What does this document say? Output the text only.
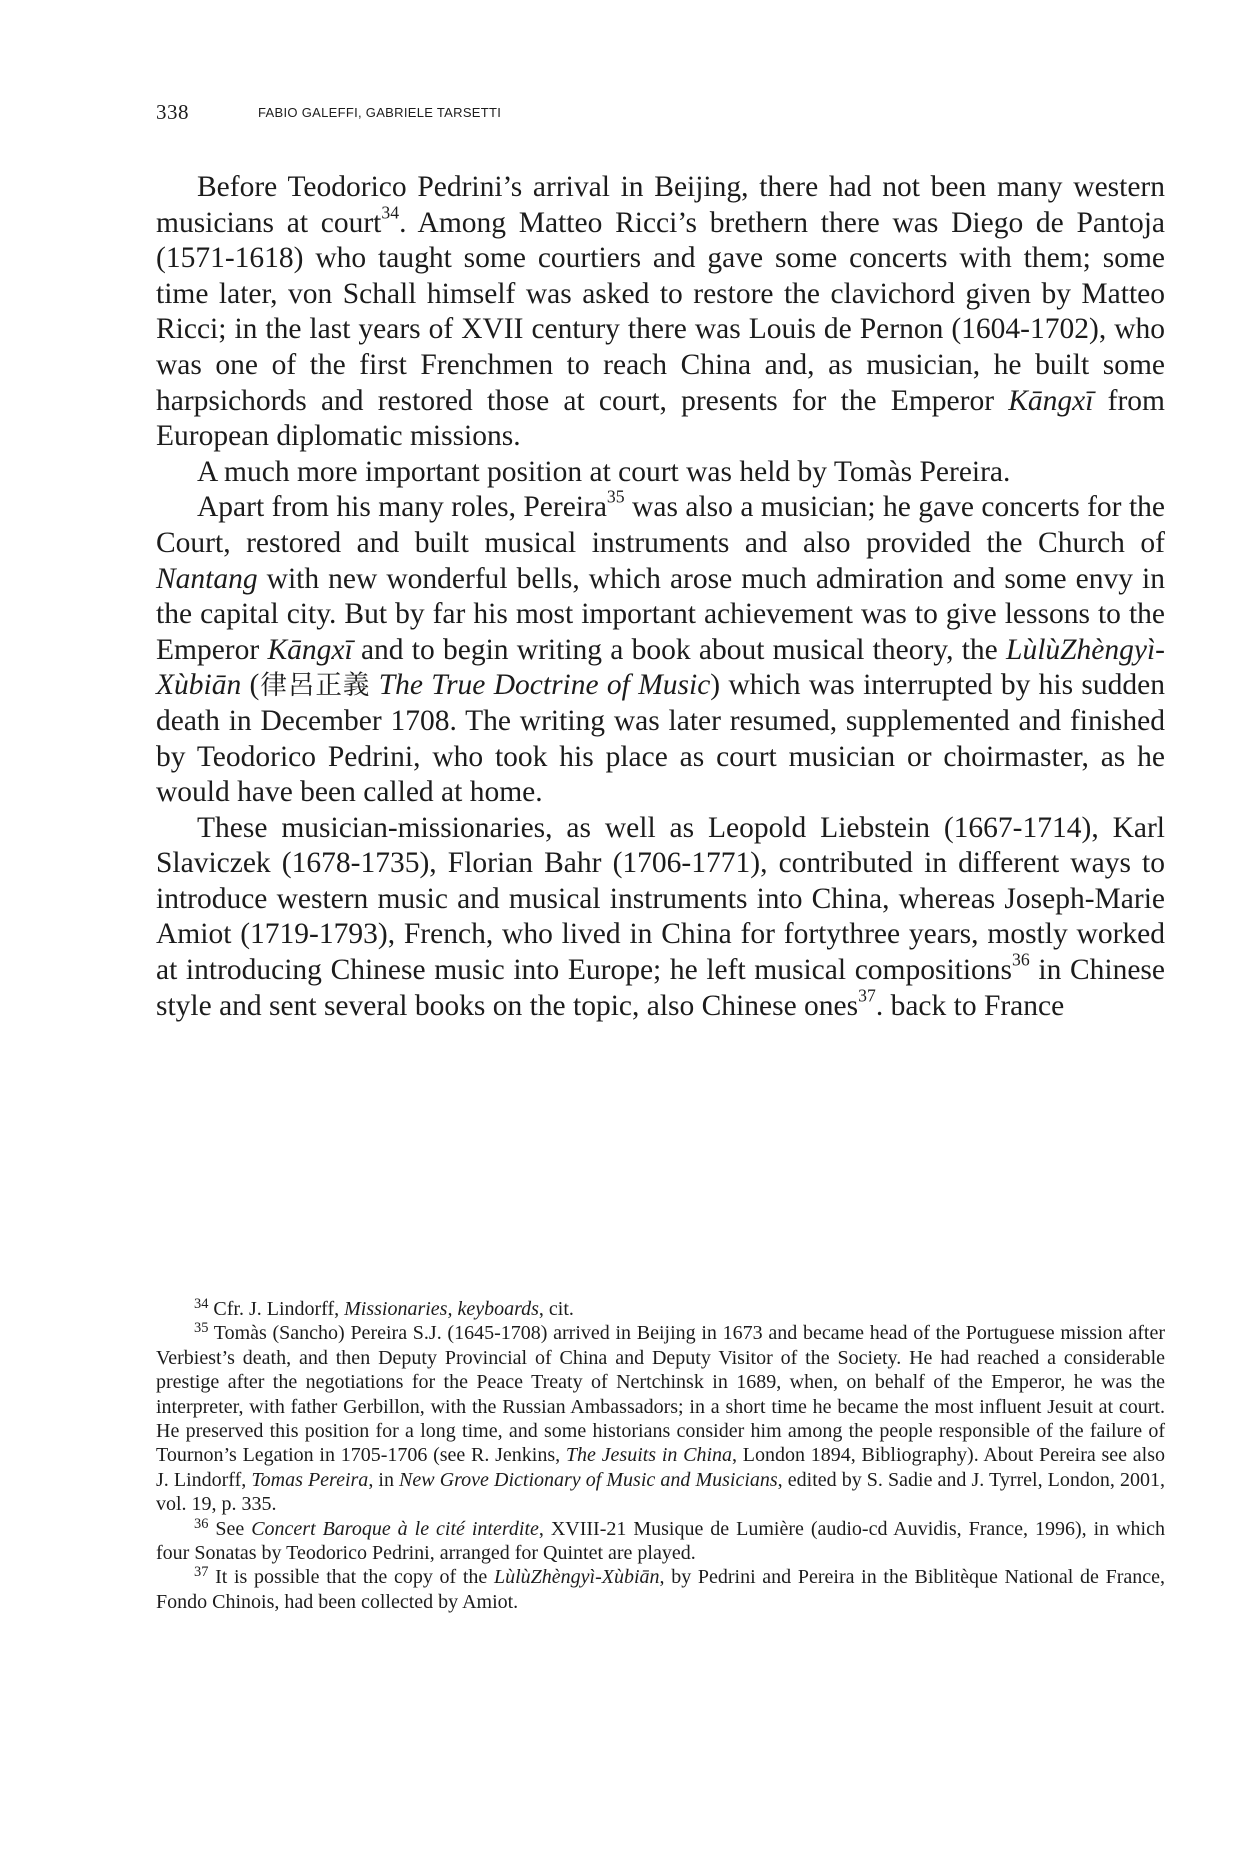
338	FABIO GALEFFI, GABRIELE TARSETTI

Before Teodorico Pedrini’s arrival in Beijing, there had not been many western musicians at court$^{34}$. Among Matteo Ricci’s brethern there was Diego de Pantoja (1571-1618) who taught some courtiers and gave some concerts with them; some time later, von Schall himself was asked to restore the clavichord given by Matteo Ricci; in the last years of XVII century there was Louis de Pernon (1604-1702), who was one of the first Frenchmen to reach China and, as musician, he built some harpsichords and restored those at court, presents for the Emperor Kāngxī from European diplomatic missions.

A much more important position at court was held by Tomàs Pereira.

Apart from his many roles, Pereira$^{35}$ was also a musician; he gave concerts for the Court, restored and built musical instruments and also provided the Church of Nantang with new wonderful bells, which arose much admiration and some envy in the capital city. But by far his most important achievement was to give lessons to the Emperor Kāngxī and to begin writing a book about musical theory, the LùlùZhèngyì-Xùbiān (律呂正義 The True Doctrine of Music) which was interrupted by his sudden death in December 1708. The writing was later resumed, supplemented and finished by Teodorico Pedrini, who took his place as court musician or choirmaster, as he would have been called at home.

These musician-missionaries, as well as Leopold Liebstein (1667-1714), Karl Slaviczek (1678-1735), Florian Bahr (1706-1771), contributed in different ways to introduce western music and musical instruments into China, whereas Joseph-Marie Amiot (1719-1793), French, who lived in China for fortythree years, mostly worked at introducing Chinese music into Europe; he left musical compositions$^{36}$ in Chinese style and sent several books on the topic, also Chinese ones$^{37}$. back to France

$^{34}$ Cfr. J. Lindorff, Missionaries, keyboards, cit.

$^{35}$ Tomàs (Sancho) Pereira S.J. (1645-1708) arrived in Beijing in 1673 and became head of the Portuguese mission after Verbiest’s death, and then Deputy Provincial of China and Deputy Visitor of the Society. He had reached a considerable prestige after the negotiations for the Peace Treaty of Nertchinsk in 1689, when, on behalf of the Emperor, he was the interpreter, with father Gerbillon, with the Russian Ambassadors; in a short time he became the most influent Jesuit at court. He preserved this position for a long time, and some historians consider him among the people responsible of the failure of Tournon’s Legation in 1705-1706 (see R. Jenkins, The Jesuits in China, London 1894, Bibliography). About Pereira see also J. Lindorff, Tomas Pereira, in New Grove Dictionary of Music and Musicians, edited by S. Sadie and J. Tyrrel, London, 2001, vol. 19, p. 335.

$^{36}$ See Concert Baroque à le cité interdite, XVIII-21 Musique de Lumière (audio-cd Auvidis, France, 1996), in which four Sonatas by Teodorico Pedrini, arranged for Quintet are played.

$^{37}$ It is possible that the copy of the LùlùZhèngyì-Xùbiān, by Pedrini and Pereira in the Biblitèque National de France, Fondo Chinois, had been collected by Amiot.
